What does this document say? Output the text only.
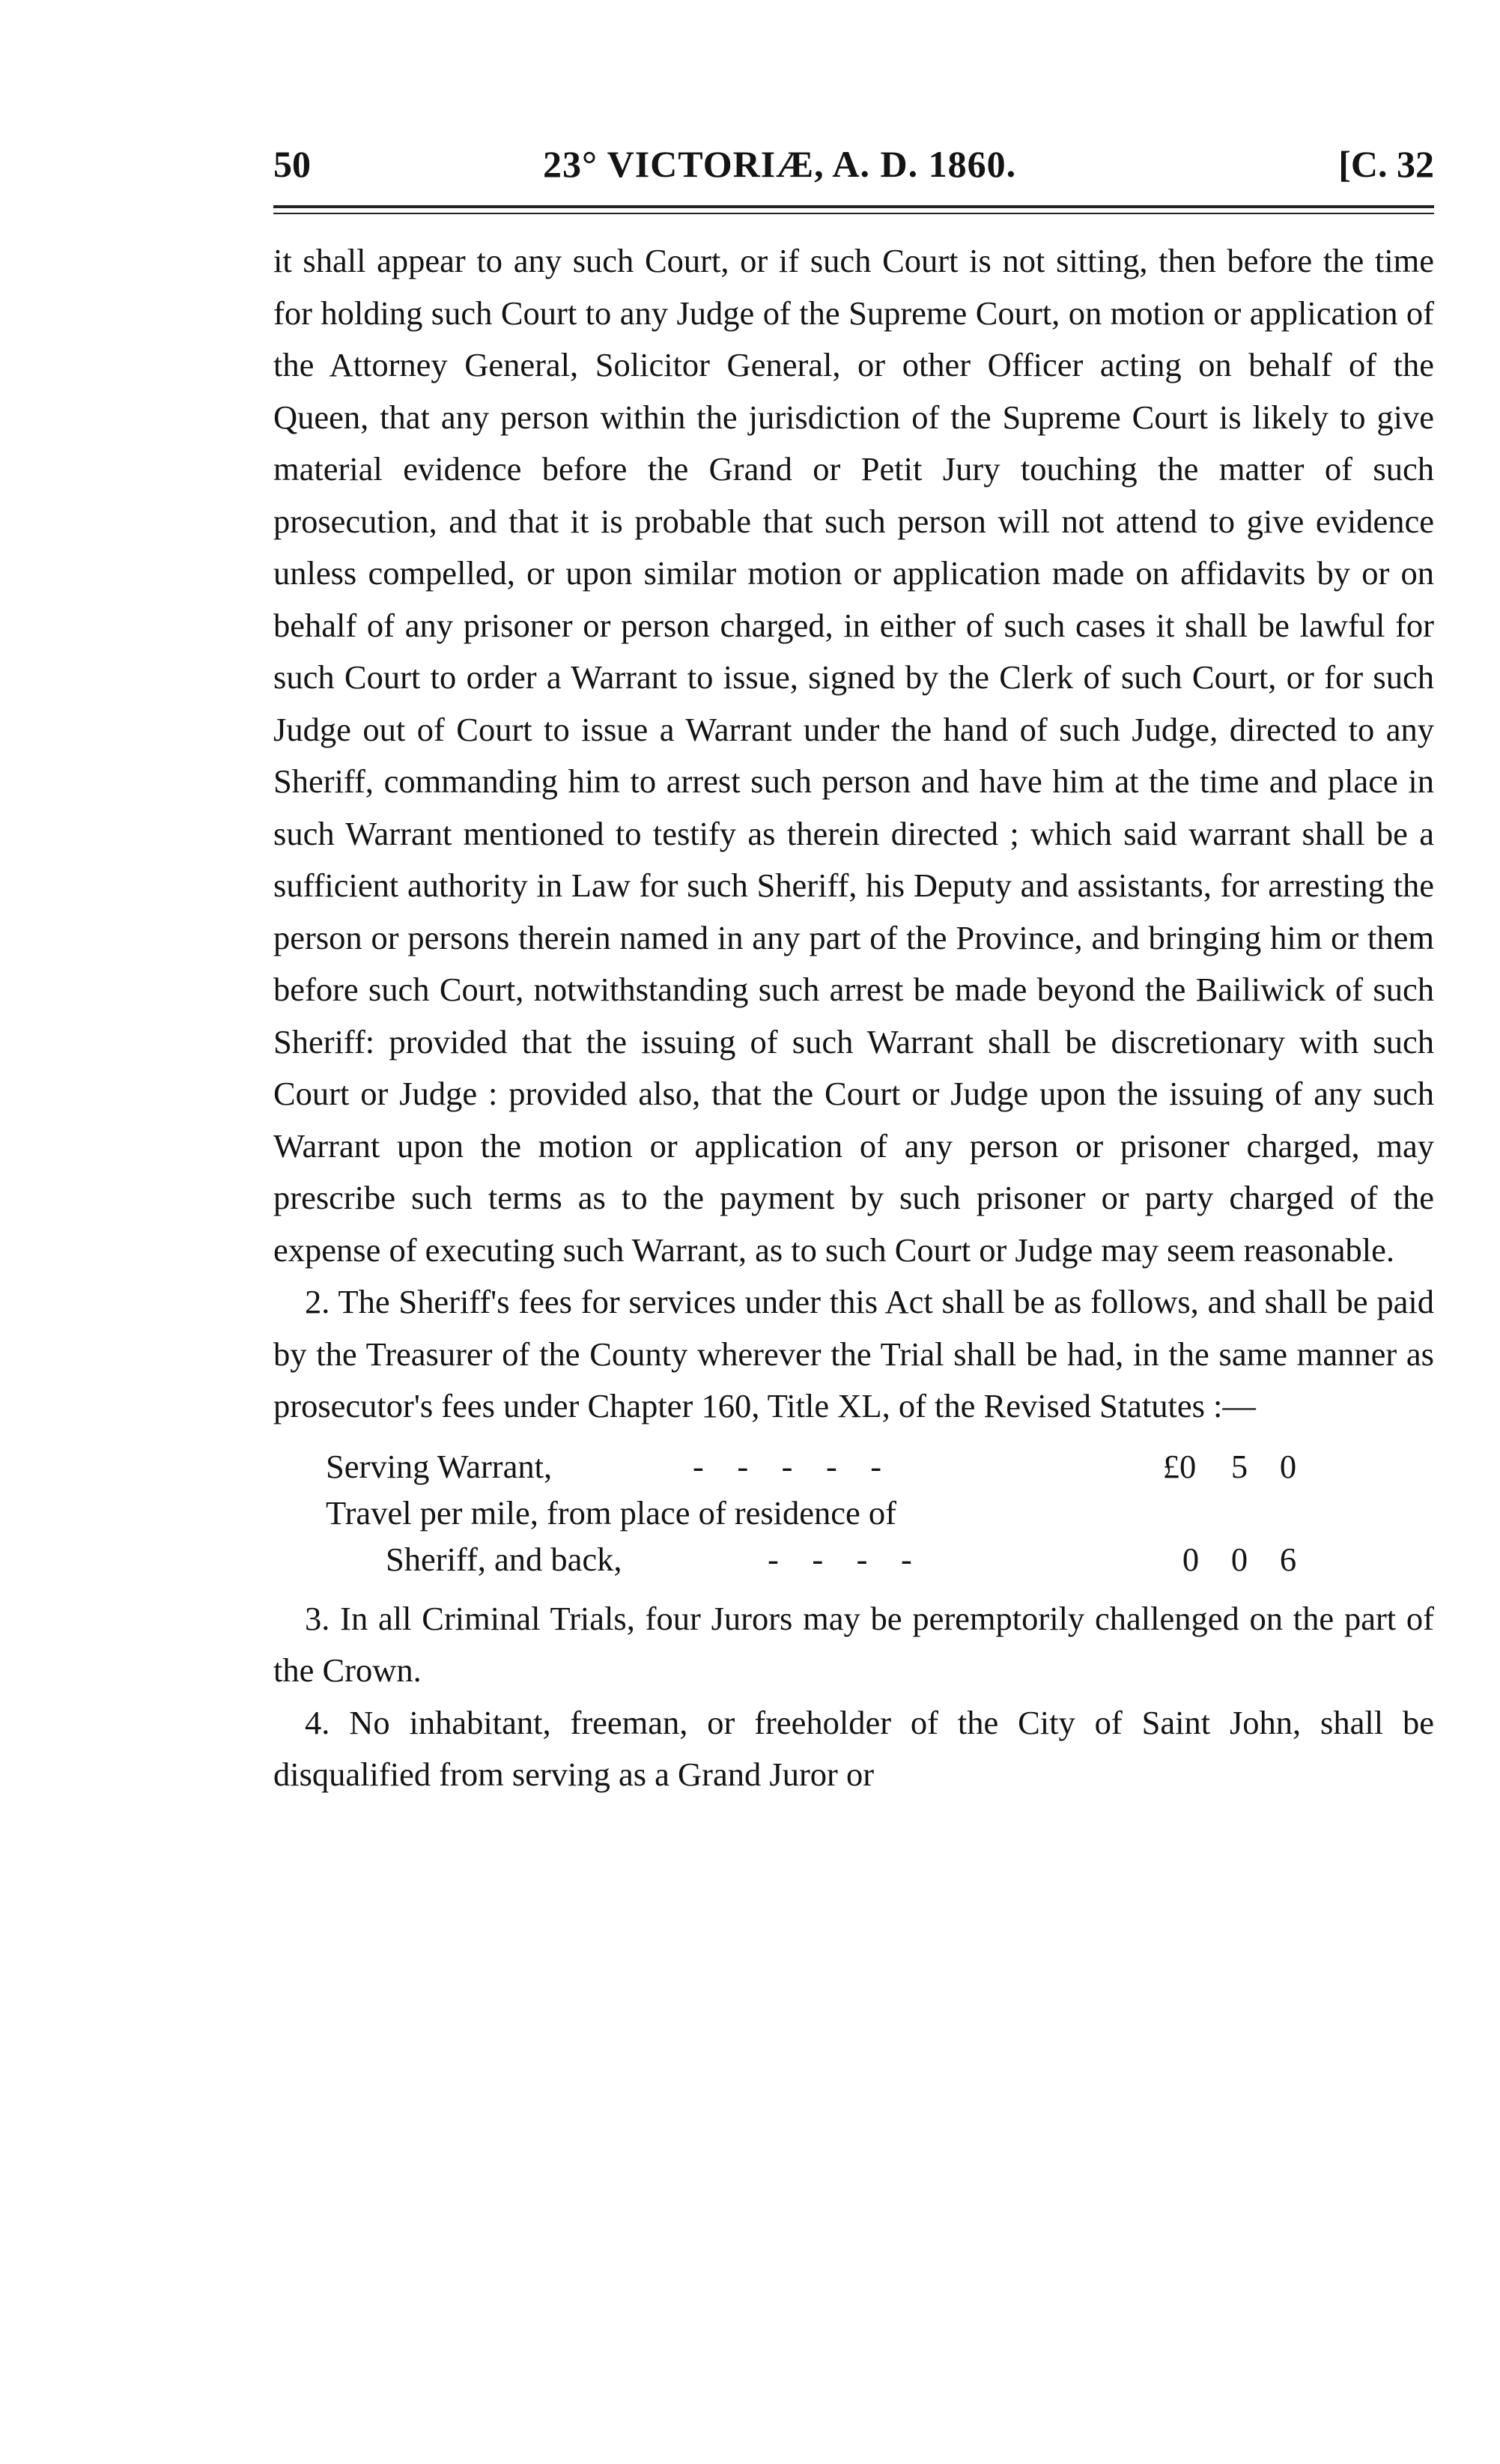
50	23° VICTORIÆ, A. D. 1860.	[C. 32

it shall appear to any such Court, or if such Court is not sitting, then before the time for holding such Court to any Judge of the Supreme Court, on motion or application of the Attorney General, Solicitor General, or other Officer acting on behalf of the Queen, that any person within the jurisdiction of the Supreme Court is likely to give material evidence before the Grand or Petit Jury touching the matter of such prosecution, and that it is probable that such person will not attend to give evidence unless compelled, or upon similar motion or application made on affidavits by or on behalf of any prisoner or person charged, in either of such cases it shall be lawful for such Court to order a Warrant to issue, signed by the Clerk of such Court, or for such Judge out of Court to issue a Warrant under the hand of such Judge, directed to any Sheriff, commanding him to arrest such person and have him at the time and place in such Warrant mentioned to testify as therein directed ; which said warrant shall be a sufficient authority in Law for such Sheriff, his Deputy and assistants, for arresting the person or persons therein named in any part of the Province, and bringing him or them before such Court, notwithstanding such arrest be made beyond the Bailiwick of such Sheriff: provided that the issuing of such Warrant shall be discretionary with such Court or Judge : provided also, that the Court or Judge upon the issuing of any such Warrant upon the motion or application of any person or prisoner charged, may prescribe such terms as to the payment by such prisoner or party charged of the expense of executing such Warrant, as to such Court or Judge may seem reasonable.

2. The Sheriff's fees for services under this Act shall be as follows, and shall be paid by the Treasurer of the County wherever the Trial shall be had, in the same manner as prosecutor's fees under Chapter 160, Title XL, of the Revised Statutes :—

Serving Warrant,	-    -    -    -    -	£0	5 0
Travel per mile, from place of residence of
Sheriff, and back,	-    -    -    -	0 0 6

3. In all Criminal Trials, four Jurors may be peremptorily challenged on the part of the Crown.

4. No inhabitant, freeman, or freeholder of the City of Saint John, shall be disqualified from serving as a Grand Juror or
